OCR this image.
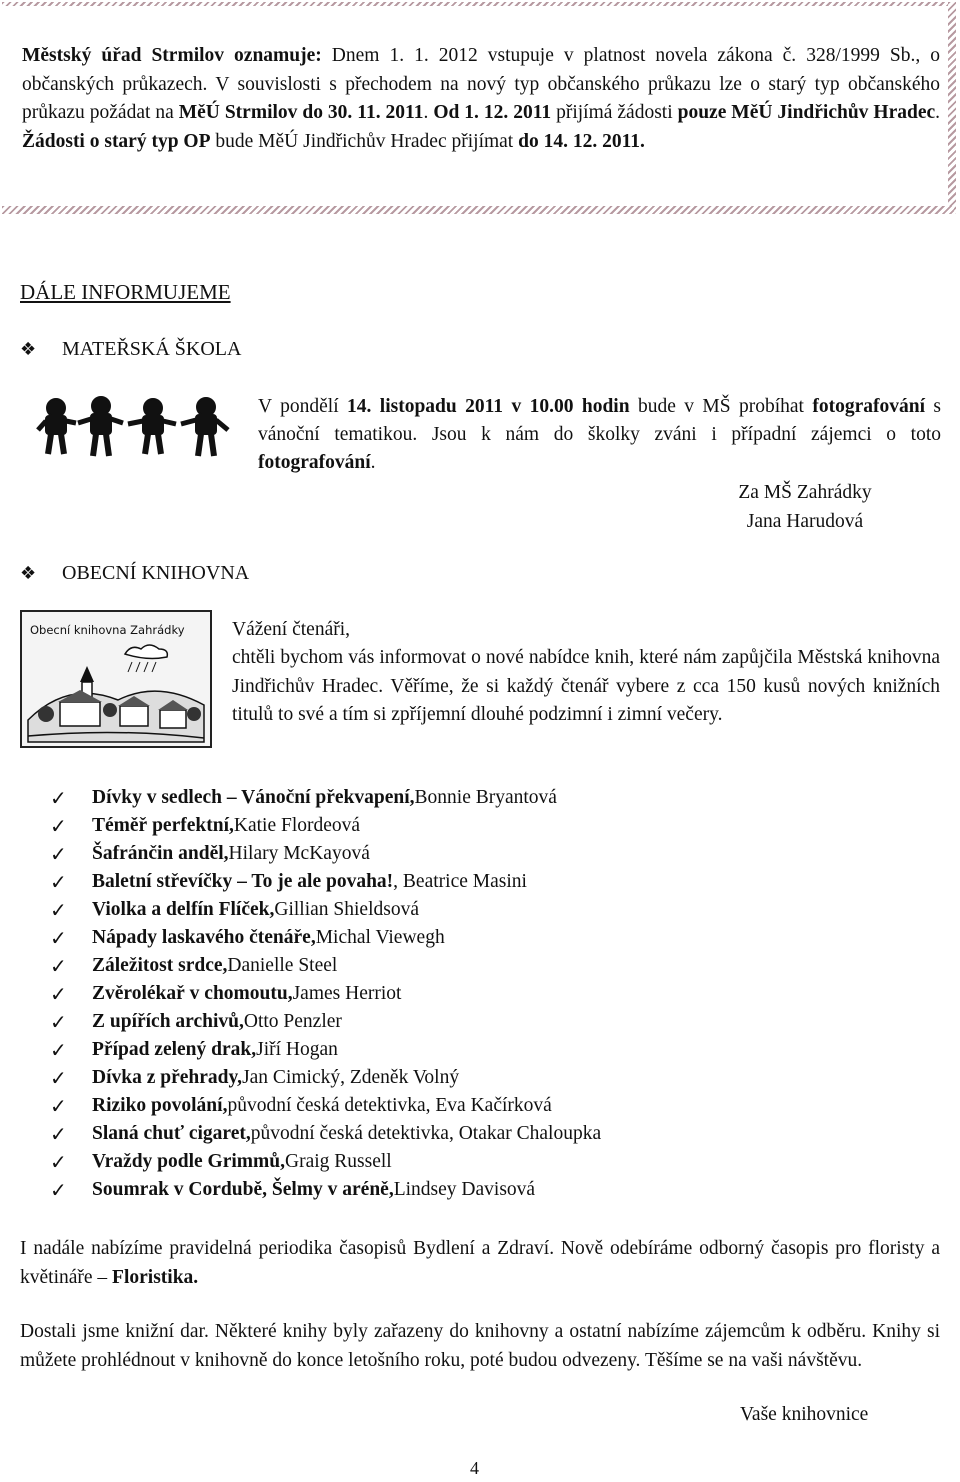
Městský úřad Strmilov oznamuje: Dnem 1. 1. 2012 vstupuje v platnost novela zákona č. 328/1999 Sb., o občanských průkazech. V souvislosti s přechodem na nový typ občanského průkazu lze o starý typ občanského průkazu požádat na MěÚ Strmilov do 30. 11. 2011. Od 1. 12. 2011 přijímá žádosti pouze MěÚ Jindřichův Hradec. Žádosti o starý typ OP bude MěÚ Jindřichův Hradec přijímat do 14. 12. 2011.
DÁLE INFORMUJEME
❖ MATEŘSKÁ ŠKOLA
V pondělí 14. listopadu 2011 v 10.00 hodin bude v MŠ probíhat fotografování s vánoční tematikou. Jsou k nám do školky zváni i případní zájemci o toto fotografování.
Za MŠ Zahrádky
Jana Harudová
❖ OBECNÍ KNIHOVNA
Obecní knihovna Zahrádky Vážení čtenáři,
chtěli bychom vás informovat o nové nabídce knih, které nám zapůjčila Městská knihovna Jindřichův Hradec. Věříme, že si každý čtenář vybere z cca 150 kusů nových knižních titulů to své a tím si zpříjemní dlouhé podzimní i zimní večery.
✓	Dívky v sedlech – Vánoční překvapení, Bonnie Bryantová
✓	Téměř perfektní, Katie Flordeová
✓	Šafránčin anděl, Hilary McKayová
✓	Baletní střevíčky – To je ale povaha! , Beatrice Masini
✓	Violka a delfín Flíček, Gillian Shieldsová
✓	Nápady laskavého čtenáře, Michal Viewegh
✓	Záležitost srdce, Danielle Steel
✓	Zvěrolékař v chomoutu, James Herriot
✓	Z upířích archivů, Otto Penzler
✓	Případ zelený drak, Jiří Hogan
✓	Dívka z přehrady, Jan Cimický, Zdeněk Volný
✓	Riziko povolání, původní česká detektivka, Eva Kačírková
✓	Slaná chuť cigaret, původní česká detektivka, Otakar Chaloupka
✓	Vraždy podle Grimmů, Graig Russell
✓	Soumrak v Cordubě, Šelmy v aréně, Lindsey Davisová
I nadále nabízíme pravidelná periodika časopisů Bydlení a Zdraví. Nově odebíráme odborný časopis pro floristy a květináře – Floristika.
Dostali jsme knižní dar. Některé knihy byly zařazeny do knihovny a ostatní nabízíme zájemcům k odběru. Knihy si můžete prohlédnout v knihovně do konce letošního roku, poté budou odvezeny. Těšíme se na vaši návštěvu.
Vaše knihovnice
4
